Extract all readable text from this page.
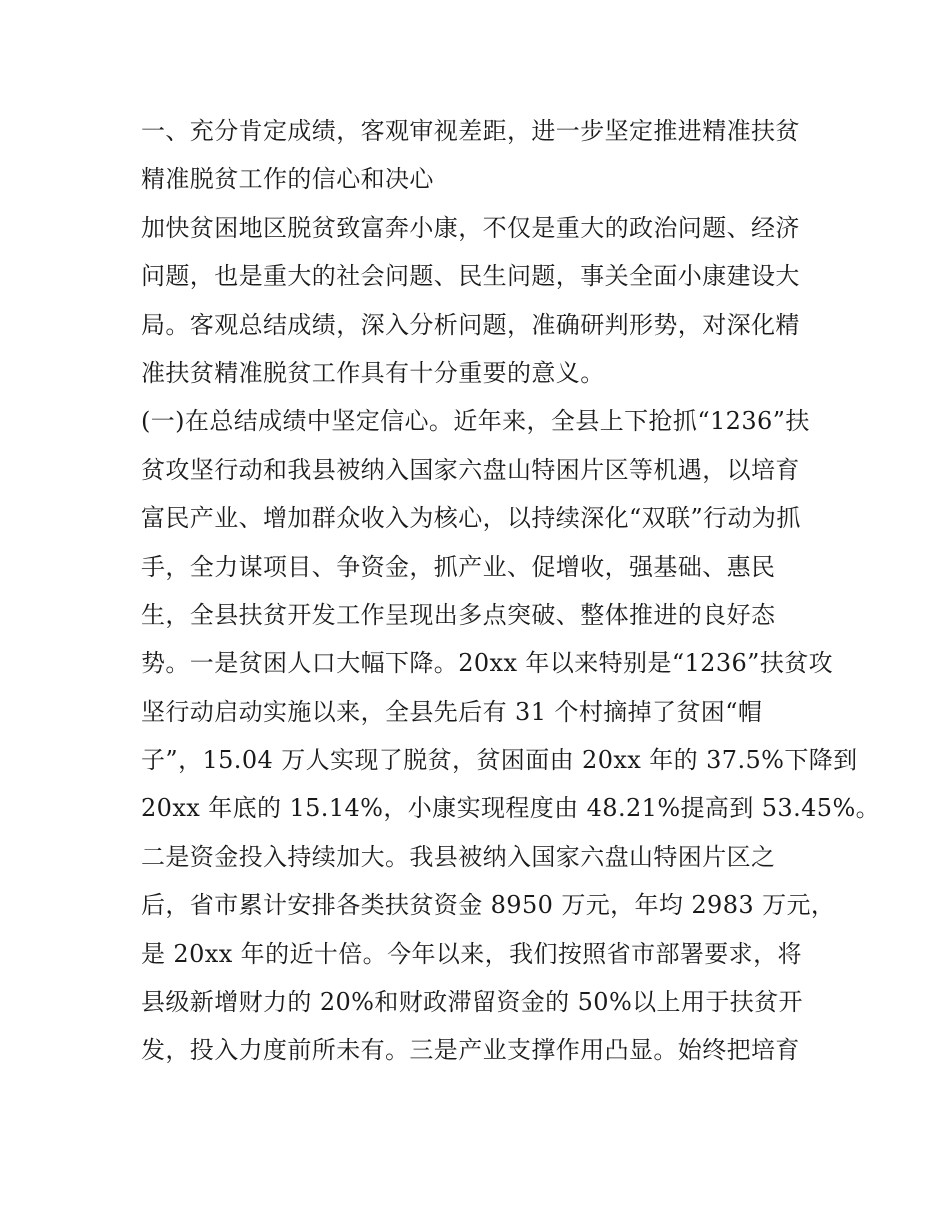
一、充分肯定成绩，客观审视差距，进一步坚定推进精准扶贫
精准脱贫工作的信心和决心
加快贫困地区脱贫致富奔小康，不仅是重大的政治问题、经济
问题，也是重大的社会问题、民生问题，事关全面小康建设大
局。客观总结成绩，深入分析问题，准确研判形势，对深化精
准扶贫精准脱贫工作具有十分重要的意义。
(一)在总结成绩中坚定信心。近年来，全县上下抢抓“1236”扶
贫攻坚行动和我县被纳入国家六盘山特困片区等机遇，以培育
富民产业、增加群众收入为核心，以持续深化“双联”行动为抓
手，全力谋项目、争资金，抓产业、促增收，强基础、惠民
生，全县扶贫开发工作呈现出多点突破、整体推进的良好态
势。一是贫困人口大幅下降。20xx 年以来特别是“1236”扶贫攻
坚行动启动实施以来，全县先后有 31 个村摘掉了贫困“帽
子”，15.04 万人实现了脱贫，贫困面由 20xx 年的 37.5%下降到
20xx 年底的 15.14%，小康实现程度由 48.21%提高到 53.45%。
二是资金投入持续加大。我县被纳入国家六盘山特困片区之
后，省市累计安排各类扶贫资金 8950 万元，年均 2983 万元，
是 20xx 年的近十倍。今年以来，我们按照省市部署要求，将
县级新增财力的 20%和财政滞留资金的 50%以上用于扶贫开
发，投入力度前所未有。三是产业支撑作用凸显。始终把培育
